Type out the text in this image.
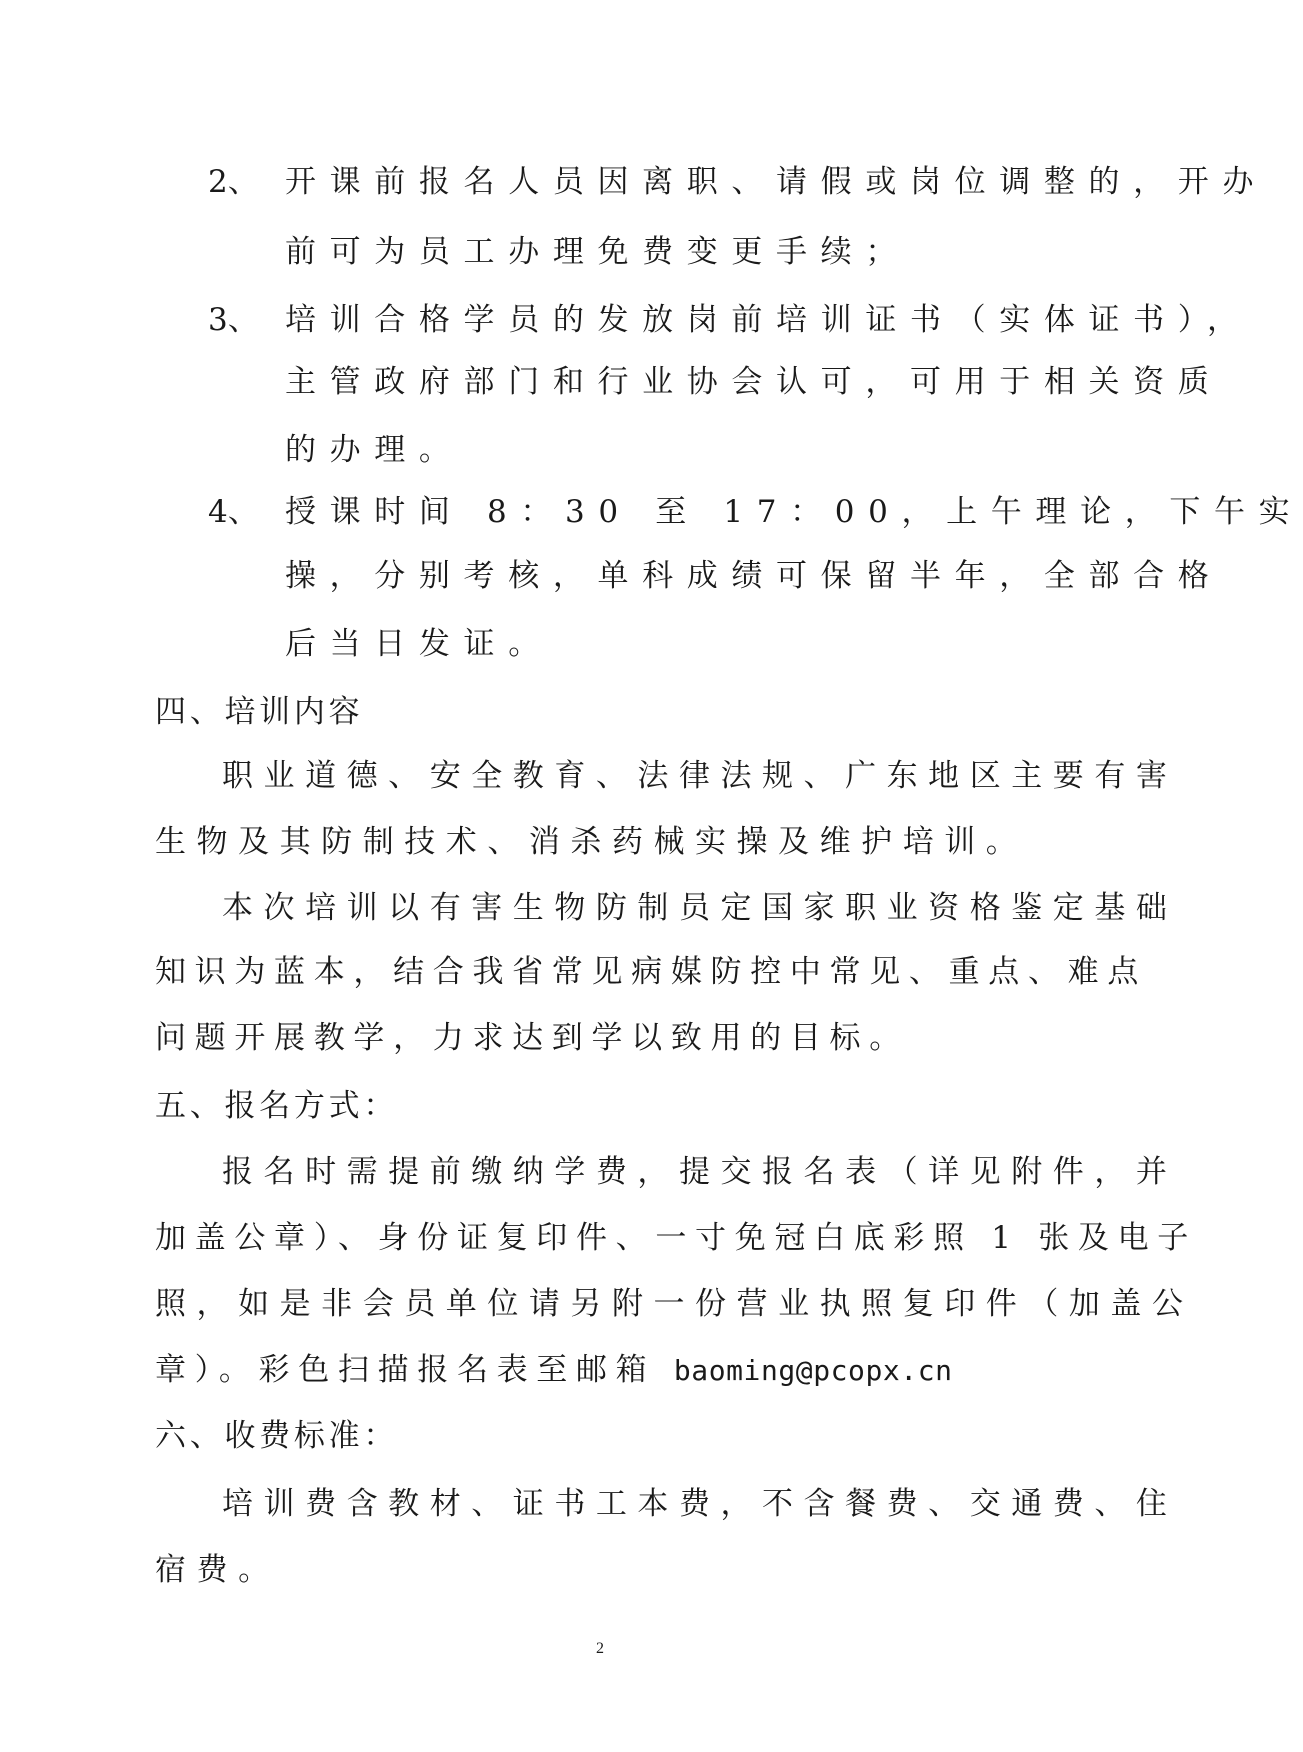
2、 开课前报名人员因离职、请假或岗位调整的，开办
前可为员工办理免费变更手续；
3、 培训合格学员的发放岗前培训证书（实体证书），
主管政府部门和行业协会认可，可用于相关资质
的办理。
4、 授课时间 8：30 至 17：00，上午理论，下午实
操，分别考核，单科成绩可保留半年，全部合格
后当日发证。
四、培训内容
职业道德、安全教育、法律法规、广东地区主要有害
生物及其防制技术、消杀药械实操及维护培训。
本次培训以有害生物防制员定国家职业资格鉴定基础
知识为蓝本，结合我省常见病媒防控中常见、重点、难点
问题开展教学，力求达到学以致用的目标。
五、报名方式：
报名时需提前缴纳学费，提交报名表（详见附件，并
加盖公章）、身份证复印件、一寸免冠白底彩照 1 张及电子
照，如是非会员单位请另附一份营业执照复印件（加盖公
章）。彩色扫描报名表至邮箱 baoming@pcopx.cn
六、收费标准：
培训费含教材、证书工本费，不含餐费、交通费、住
宿费。
2
